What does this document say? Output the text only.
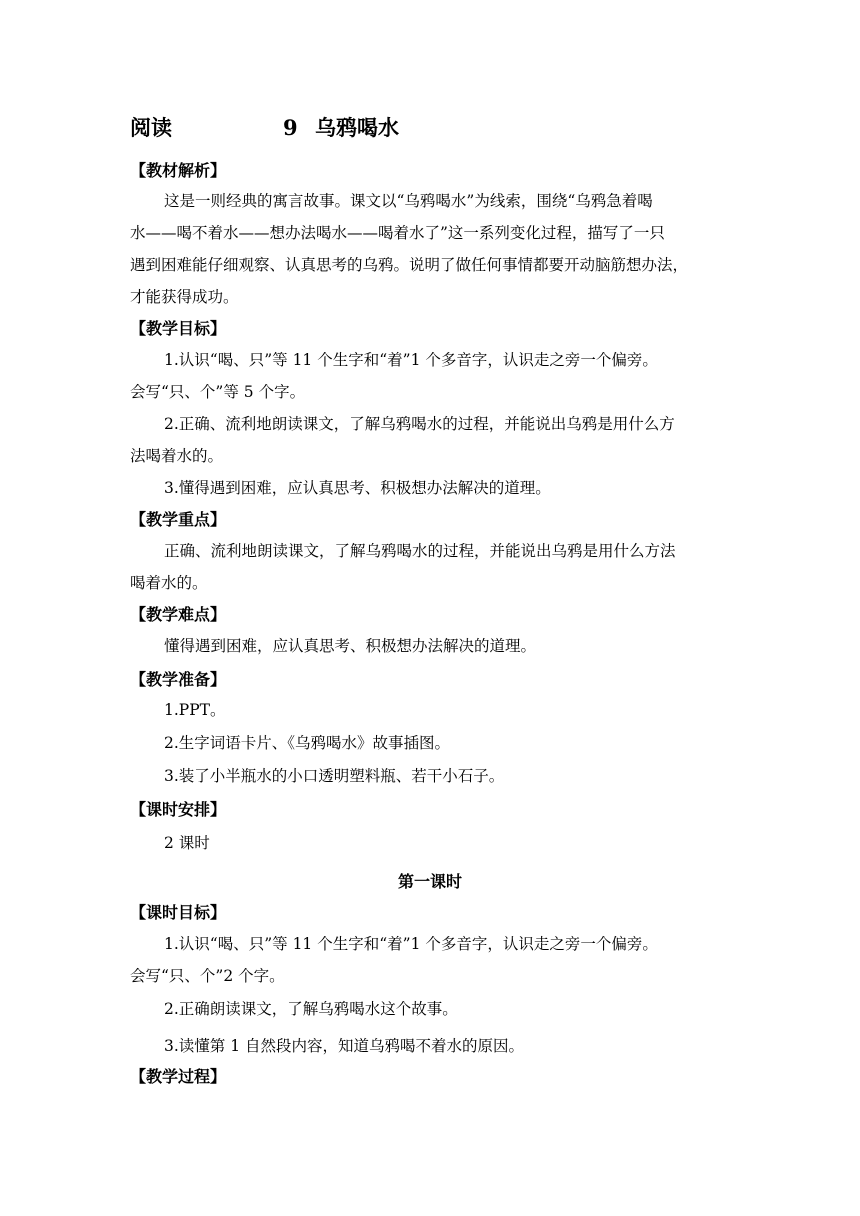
阅读	9 乌鸦喝水
【教材解析】
这是一则经典的寓言故事。课文以“乌鸦喝水”为线索，围绕“乌鸦急着喝
水——喝不着水——想办法喝水——喝着水了”这一系列变化过程，描写了一只
遇到困难能仔细观察、认真思考的乌鸦。说明了做任何事情都要开动脑筋想办法，
才能获得成功。
【教学目标】
1.认识“喝、只”等 11 个生字和“着”1 个多音字，认识走之旁一个偏旁。
会写“只、个”等 5 个字。
2.正确、流利地朗读课文，了解乌鸦喝水的过程，并能说出乌鸦是用什么方
法喝着水的。
3.懂得遇到困难，应认真思考、积极想办法解决的道理。
【教学重点】
正确、流利地朗读课文，了解乌鸦喝水的过程，并能说出乌鸦是用什么方法
喝着水的。
【教学难点】
懂得遇到困难，应认真思考、积极想办法解决的道理。
【教学准备】
1.PPT。
2.生字词语卡片、《乌鸦喝水》故事插图。
3.装了小半瓶水的小口透明塑料瓶、若干小石子。
【课时安排】
2 课时
第一课时
【课时目标】
1.认识“喝、只”等 11 个生字和“着”1 个多音字，认识走之旁一个偏旁。
会写“只、个”2 个字。
2.正确朗读课文，了解乌鸦喝水这个故事。
3.读懂第 1 自然段内容，知道乌鸦喝不着水的原因。
【教学过程】
